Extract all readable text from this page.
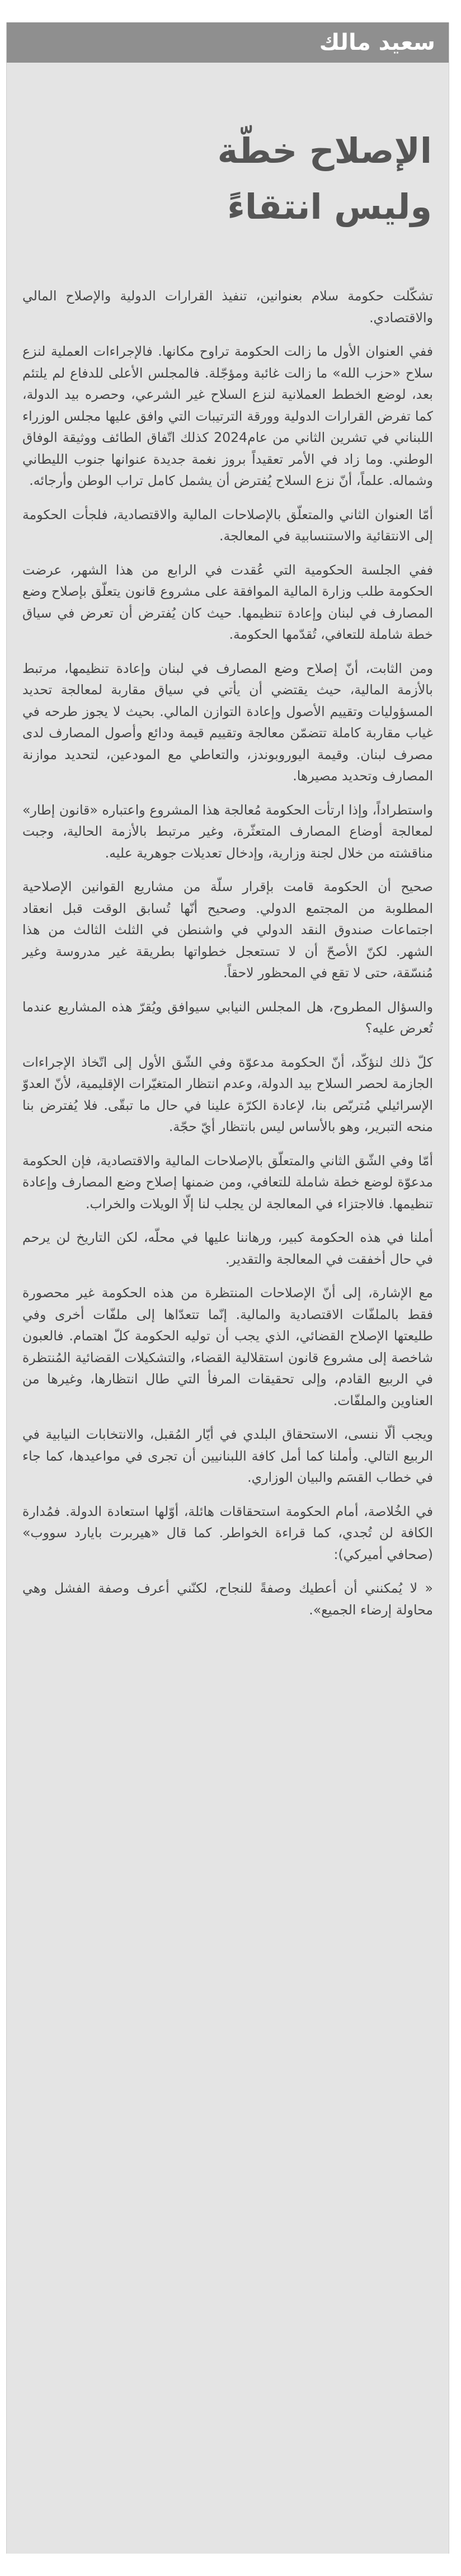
سعيد مالك
الإصلاح خطّة
وليس انتقاءً

تشكّلت حكومة سلام بعنوانين، تنفيذ القرارات الدولية والإصلاح المالي والاقتصادي.

ففي العنوان الأول ما زالت الحكومة تراوح مكانها. فالإجراءات العملية لنزع سلاح «حزب الله» ما زالت غائبة ومؤجّلة. فالمجلس الأعلى للدفاع لم يلتئم بعد، لوضع الخطط العملانية لنزع السلاح غير الشرعي، وحصره بيد الدولة، كما تفرض القرارات الدولية وورقة الترتيبات التي وافق عليها مجلس الوزراء اللبناني في تشرين الثاني من عام2024 كذلك اتّفاق الطائف ووثيقة الوفاق الوطني. وما زاد في الأمر تعقيداً بروز نغمة جديدة عنوانها جنوب الليطاني وشماله. علماً، أنّ نزع السلاح يُفترض أن يشمل كامل تراب الوطن وأرجائه.

أمّا العنوان الثاني والمتعلّق بالإصلاحات المالية والاقتصادية، فلجأت الحكومة إلى الانتقائية والاستنسابية في المعالجة.

ففي الجلسة الحكومية التي عُقدت في الرابع من هذا الشهر، عرضت الحكومة طلب وزارة المالية الموافقة على مشروع قانون يتعلّق بإصلاح وضع المصارف في لبنان وإعادة تنظيمها. حيث كان يُفترض أن تعرض في سياق خطة شاملة للتعافي، تُقدّمها الحكومة.

ومن الثابت، أنّ إصلاح وضع المصارف في لبنان وإعادة تنظيمها، مرتبط بالأزمة المالية، حيث يقتضي أن يأتي في سياق مقاربة لمعالجة تحديد المسؤوليات وتقييم الأصول وإعادة التوازن المالي. بحيث لا يجوز طرحه في غياب مقاربة كاملة تتضمّن معالجة وتقييم قيمة ودائع وأصول المصارف لدى مصرف لبنان. وقيمة اليوروبوندز، والتعاطي مع المودعين، لتحديد موازنة المصارف وتحديد مصيرها.

واستطراداً، وإذا ارتأت الحكومة مُعالجة هذا المشروع واعتباره «قانون إطار» لمعالجة أوضاع المصارف المتعثّرة، وغير مرتبط بالأزمة الحالية، وجبت مناقشته من خلال لجنة وزارية، وإدخال تعديلات جوهرية عليه.

صحيح أن الحكومة قامت بإقرار سلّة من مشاريع القوانين الإصلاحية المطلوبة من المجتمع الدولي. وصحيح أنّها تُسابق الوقت قبل انعقاد اجتماعات صندوق النقد الدولي في واشنطن في الثلث الثالث من هذا الشهر. لكنّ الأصحّ أن لا تستعجل خطواتها بطريقة غير مدروسة وغير مُنسّقة، حتى لا تقع في المحظور لاحقاً.

والسؤال المطروح، هل المجلس النيابي سيوافق ويُقرّ هذه المشاريع عندما تُعرض عليه؟

كلّ ذلك لنؤكّد، أنّ الحكومة مدعوّة وفي الشّق الأول إلى اتّخاذ الإجراءات الجازمة لحصر السلاح بيد الدولة، وعدم انتظار المتغيّرات الإقليمية، لأنّ العدوّ الإسرائيلي مُتربّص بنا، لإعادة الكرّة علينا في حال ما تبقّى. فلا يُفترض بنا منحه التبرير، وهو بالأساس ليس بانتظار أيّ حجّة.

أمّا وفي الشّق الثاني والمتعلّق بالإصلاحات المالية والاقتصادية، فإن الحكومة مدعوّة لوضع خطة شاملة للتعافي، ومن ضمنها إصلاح وضع المصارف وإعادة تنظيمها. فالاجتزاء في المعالجة لن يجلب لنا إلّا الويلات والخراب.

أملنا في هذه الحكومة كبير، ورهاننا عليها في محلّه، لكن التاريخ لن يرحم في حال أخفقت في المعالجة والتقدير.

مع الإشارة، إلى أنّ الإصلاحات المنتظرة من هذه الحكومة غير محصورة فقط بالملفّات الاقتصادية والمالية. إنّما تتعدّاها إلى ملفّات أخرى وفي طليعتها الإصلاح القضائي، الذي يجب أن توليه الحكومة كلّ اهتمام. فالعبون شاخصة إلى مشروع قانون استقلالية القضاء، والتشكيلات القضائية المُنتظرة في الربيع القادم، وإلى تحقيقات المرفأ التي طال انتظارها، وغيرها من العناوين والملفّات.

ويجب ألّا ننسى، الاستحقاق البلدي في أيّار المُقبل، والانتخابات النيابية في الربيع التالي. وأملنا كما أمل كافة اللبنانيين أن تجرى في مواعيدها، كما جاء في خطاب القسَم والبيان الوزاري.

في الخُلاصة، أمام الحكومة استحقاقات هائلة، أوّلها استعادة الدولة. فمُدارة الكافة لن تُجدي، كما قراءة الخواطر. كما قال «هيربرت بايارد سووب» (صحافي أميركي):

« لا يُمكنني أن أعطيك وصفةً للنجاح، لكنّني أعرف وصفة الفشل وهي محاولة إرضاء الجميع».
